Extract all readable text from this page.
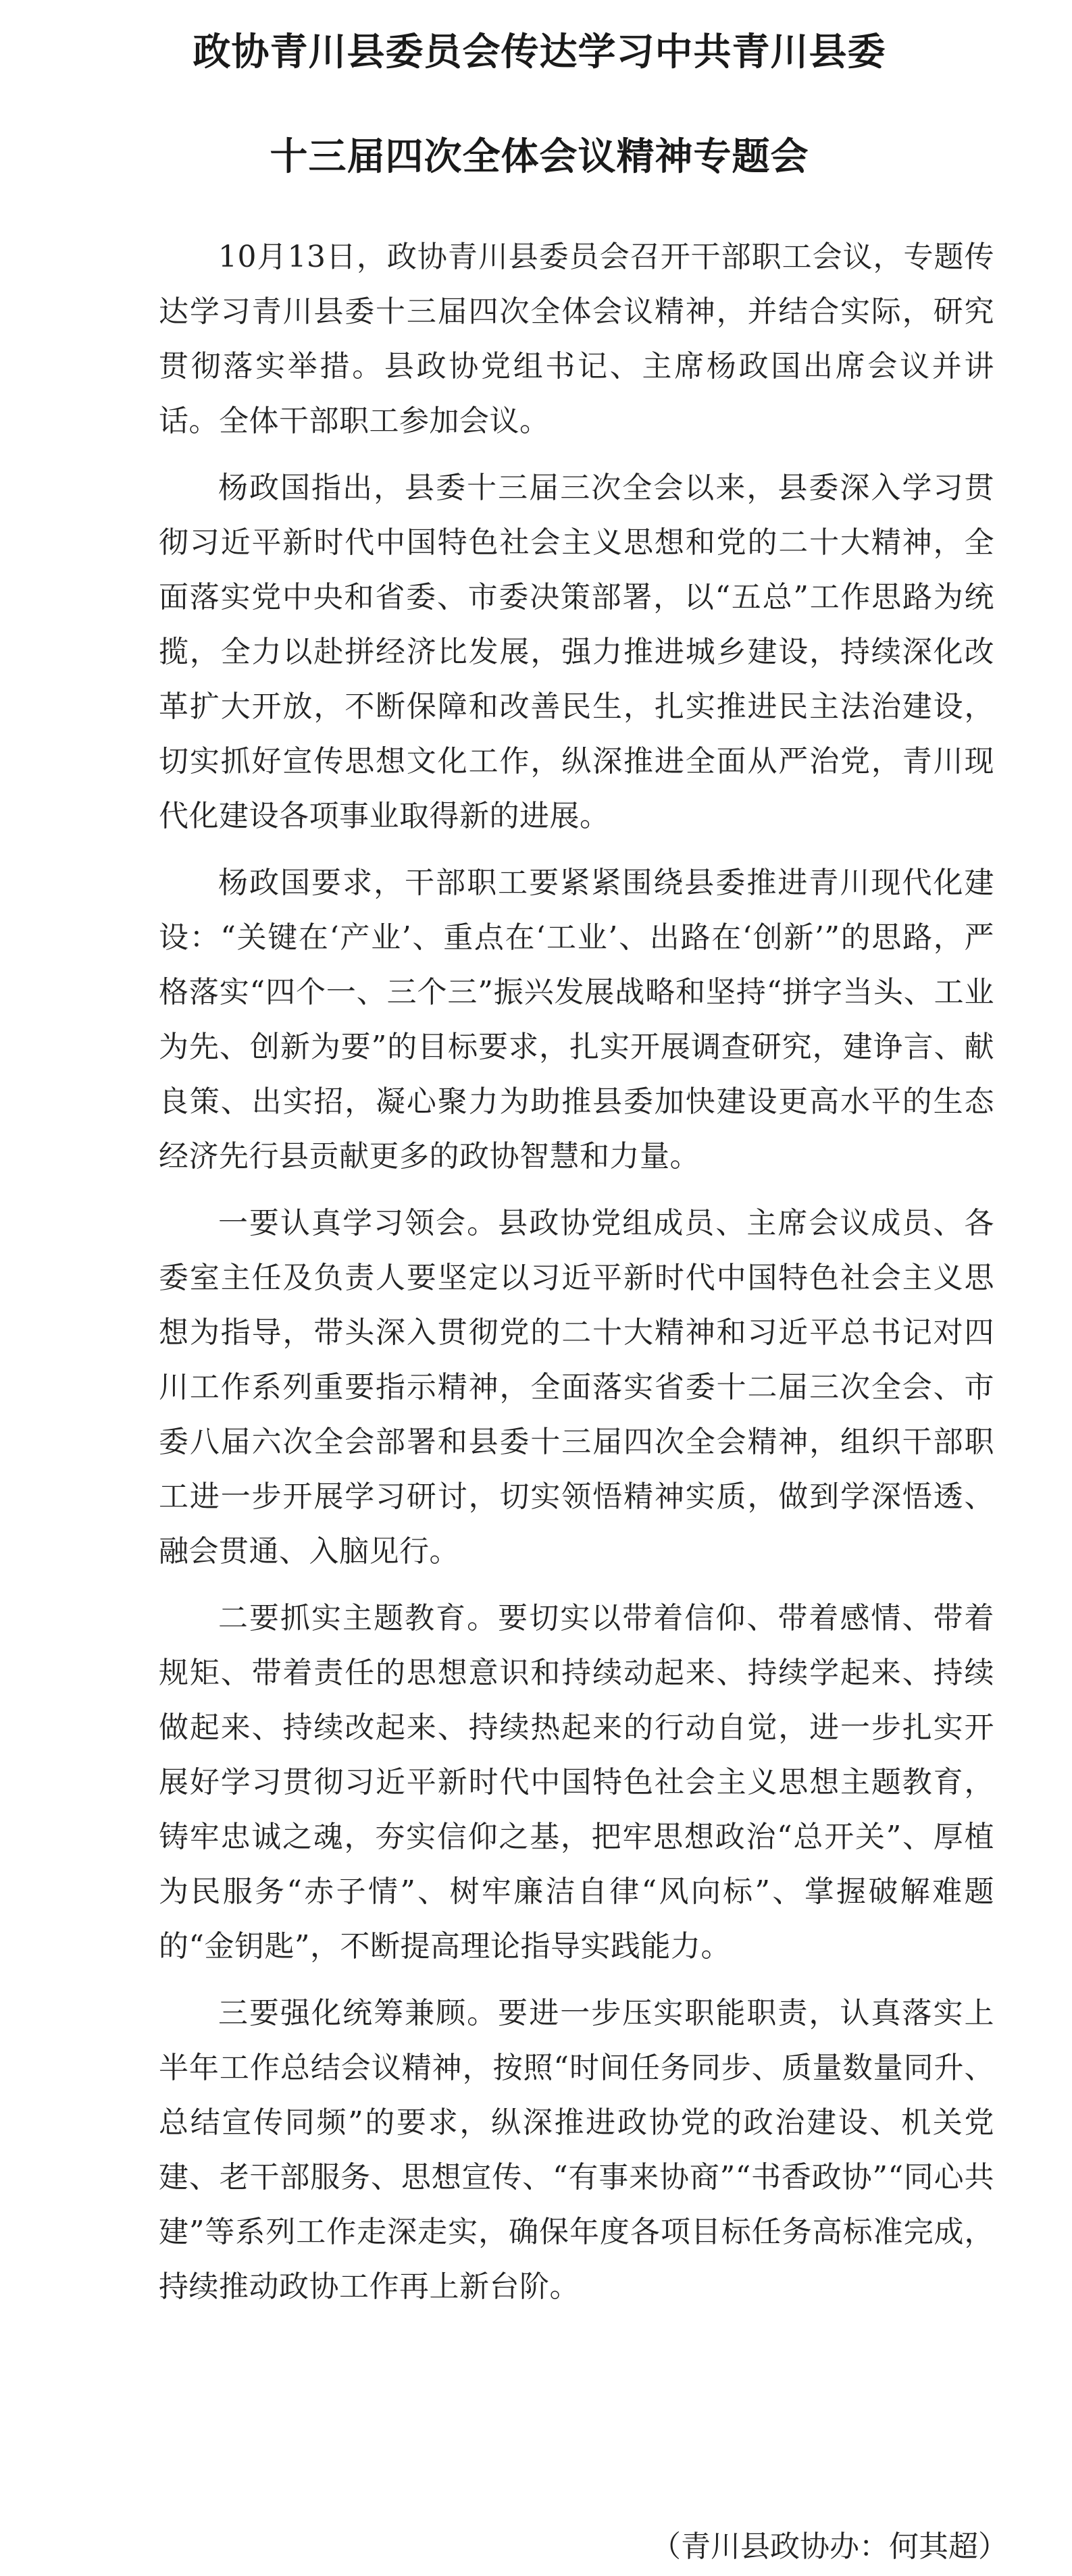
政协青川县委员会传达学习中共青川县委
十三届四次全体会议精神专题会

10月13日，政协青川县委员会召开干部职工会议，专题传达学习青川县委十三届四次全体会议精神，并结合实际，研究贯彻落实举措。县政协党组书记、主席杨政国出席会议并讲话。全体干部职工参加会议。

杨政国指出，县委十三届三次全会以来，县委深入学习贯彻习近平新时代中国特色社会主义思想和党的二十大精神，全面落实党中央和省委、市委决策部署，以“五总”工作思路为统揽，全力以赴拼经济比发展，强力推进城乡建设，持续深化改革扩大开放，不断保障和改善民生，扎实推进民主法治建设，切实抓好宣传思想文化工作，纵深推进全面从严治党，青川现代化建设各项事业取得新的进展。

杨政国要求，干部职工要紧紧围绕县委推进青川现代化建设：“关键在‘产业’、重点在‘工业’、出路在‘创新’”的思路，严格落实“四个一、三个三”振兴发展战略和坚持“拼字当头、工业为先、创新为要”的目标要求，扎实开展调查研究，建诤言、献良策、出实招，凝心聚力为助推县委加快建设更高水平的生态经济先行县贡献更多的政协智慧和力量。

一要认真学习领会。县政协党组成员、主席会议成员、各委室主任及负责人要坚定以习近平新时代中国特色社会主义思想为指导，带头深入贯彻党的二十大精神和习近平总书记对四川工作系列重要指示精神，全面落实省委十二届三次全会、市委八届六次全会部署和县委十三届四次全会精神，组织干部职工进一步开展学习研讨，切实领悟精神实质，做到学深悟透、融会贯通、入脑见行。

二要抓实主题教育。要切实以带着信仰、带着感情、带着规矩、带着责任的思想意识和持续动起来、持续学起来、持续做起来、持续改起来、持续热起来的行动自觉，进一步扎实开展好学习贯彻习近平新时代中国特色社会主义思想主题教育，铸牢忠诚之魂，夯实信仰之基，把牢思想政治“总开关”、厚植为民服务“赤子情”、树牢廉洁自律“风向标”、掌握破解难题的“金钥匙”，不断提高理论指导实践能力。

三要强化统筹兼顾。要进一步压实职能职责，认真落实上半年工作总结会议精神，按照“时间任务同步、质量数量同升、总结宣传同频”的要求，纵深推进政协党的政治建设、机关党建、老干部服务、思想宣传、“有事来协商”“书香政协”“同心共建”等系列工作走深走实，确保年度各项目标任务高标准完成，持续推动政协工作再上新台阶。

（青川县政协办：何其超）
